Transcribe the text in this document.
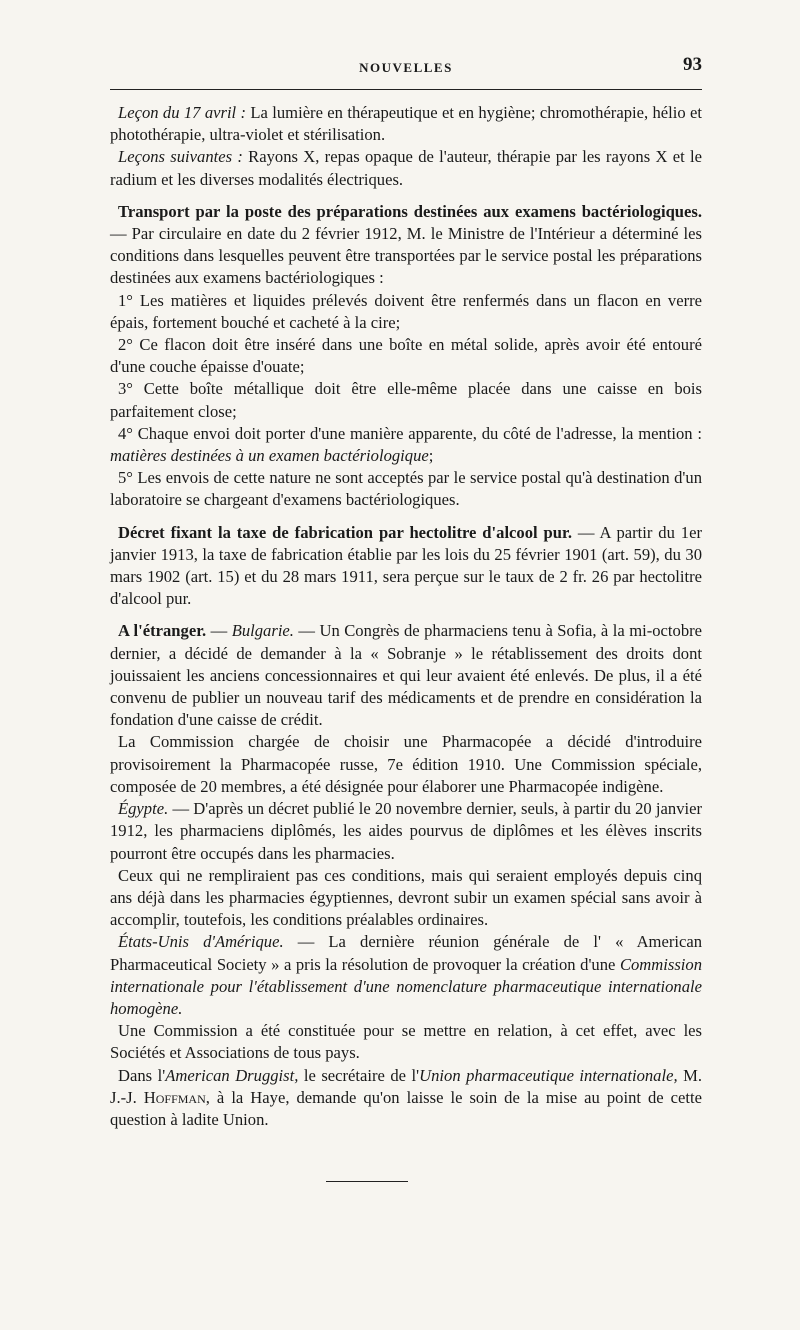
NOUVELLES	93

Leçon du 17 avril : La lumière en thérapeutique et en hygiène; chromothérapie, hélio et photothérapie, ultra-violet et stérilisation.

Leçons suivantes : Rayons X, repas opaque de l'auteur, thérapie par les rayons X et le radium et les diverses modalités électriques.

Transport par la poste des préparations destinées aux examens bactériologiques. — Par circulaire en date du 2 février 1912, M. le Ministre de l'Intérieur a déterminé les conditions dans lesquelles peuvent être transportées par le service postal les préparations destinées aux examens bactériologiques :

1° Les matières et liquides prélevés doivent être renfermés dans un flacon en verre épais, fortement bouché et cacheté à la cire;

2° Ce flacon doit être inséré dans une boîte en métal solide, après avoir été entouré d'une couche épaisse d'ouate;

3° Cette boîte métallique doit être elle-même placée dans une caisse en bois parfaitement close;

4° Chaque envoi doit porter d'une manière apparente, du côté de l'adresse, la mention : matières destinées à un examen bactériologique;

5° Les envois de cette nature ne sont acceptés par le service postal qu'à destination d'un laboratoire se chargeant d'examens bactériologiques.

Décret fixant la taxe de fabrication par hectolitre d'alcool pur. — A partir du 1er janvier 1913, la taxe de fabrication établie par les lois du 25 février 1901 (art. 59), du 30 mars 1902 (art. 15) et du 28 mars 1911, sera perçue sur le taux de 2 fr. 26 par hectolitre d'alcool pur.

A l'étranger. — Bulgarie. — Un Congrès de pharmaciens tenu à Sofia, à la mi-octobre dernier, a décidé de demander à la « Sobranje » le rétablissement des droits dont jouissaient les anciens concessionnaires et qui leur avaient été enlevés. De plus, il a été convenu de publier un nouveau tarif des médicaments et de prendre en considération la fondation d'une caisse de crédit.

La Commission chargée de choisir une Pharmacopée a décidé d'introduire provisoirement la Pharmacopée russe, 7e édition 1910. Une Commission spéciale, composée de 20 membres, a été désignée pour élaborer une Pharmacopée indigène.

Égypte. — D'après un décret publié le 20 novembre dernier, seuls, à partir du 20 janvier 1912, les pharmaciens diplômés, les aides pourvus de diplômes et les élèves inscrits pourront être occupés dans les pharmacies.

Ceux qui ne rempliraient pas ces conditions, mais qui seraient employés depuis cinq ans déjà dans les pharmacies égyptiennes, devront subir un examen spécial sans avoir à accomplir, toutefois, les conditions préalables ordinaires.

États-Unis d'Amérique. — La dernière réunion générale de l' « American Pharmaceutical Society » a pris la résolution de provoquer la création d'une Commission internationale pour l'établissement d'une nomenclature pharmaceutique internationale homogène.

Une Commission a été constituée pour se mettre en relation, à cet effet, avec les Sociétés et Associations de tous pays.

Dans l'American Druggist, le secrétaire de l'Union pharmaceutique internationale, M. J.-J. Hoffman, à la Haye, demande qu'on laisse le soin de la mise au point de cette question à ladite Union.
